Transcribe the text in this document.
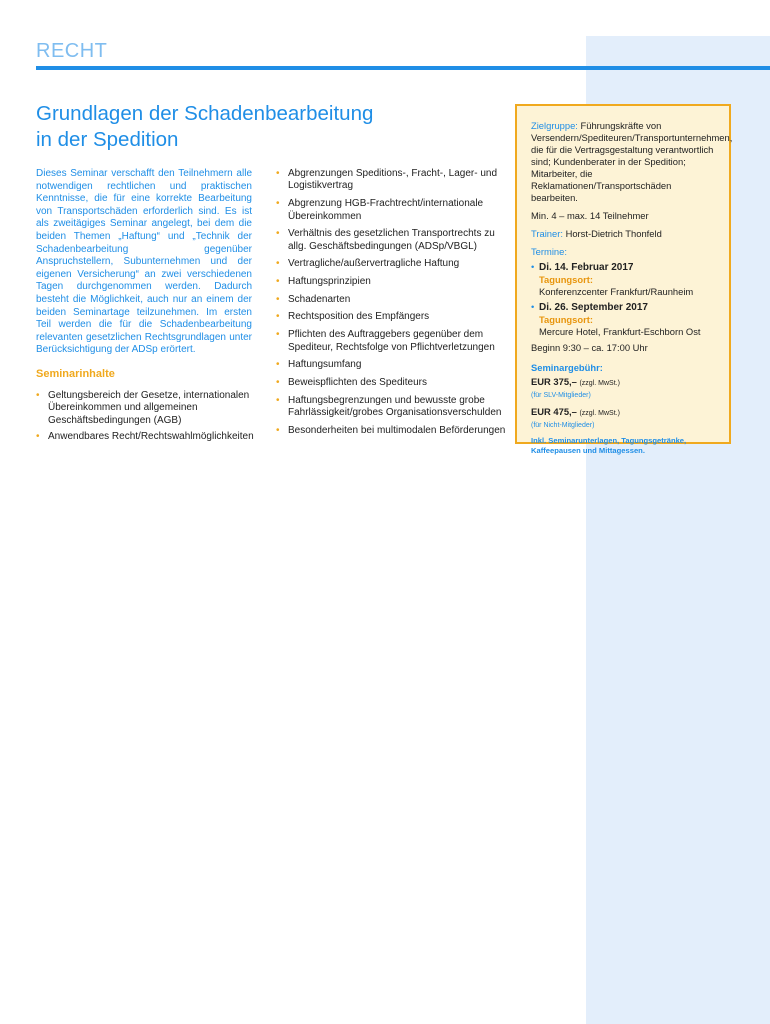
RECHT
Grundlagen der Schadenbearbeitung
in der Spedition
Dieses Seminar verschafft den Teilnehmern alle notwendigen rechtlichen und praktischen Kenntnisse, die für eine korrekte Bearbeitung von Transportschäden erforderlich sind. Es ist als zweitägiges Seminar angelegt, bei dem die beiden Themen „Haftung“ und „Technik der Schadenbearbeitung gegenüber Anspruchstellern, Subunternehmen und der eigenen Versicherung“ an zwei verschiedenen Tagen durchgenommen werden. Dadurch besteht die Möglichkeit, auch nur an einem der beiden Seminartage teilzunehmen. Im ersten Teil werden die für die Schadenbearbeitung relevanten gesetzlichen Rechtsgrundlagen unter Berücksichtigung der ADSp erörtert.
Seminarinhalte
• Geltungsbereich der Gesetze, internationalen Übereinkommen und allgemeinen Geschäftsbedingungen (AGB)
• Anwendbares Recht/Rechtswahlmöglichkeiten
• Abgrenzungen Speditions-, Fracht-, Lager- und Logistikvertrag
• Abgrenzung HGB-Frachtrecht/internationale Übereinkommen
• Verhältnis des gesetzlichen Transportrechts zu allg. Geschäftsbedingungen (ADSp/VBGL)
• Vertragliche/außervertragliche Haftung
• Haftungsprinzipien
• Schadenarten
• Rechtsposition des Empfängers
• Pflichten des Auftraggebers gegenüber dem Spediteur, Rechtsfolge von Pflichtverletzungen
• Haftungsumfang
• Beweispflichten des Spediteurs
• Haftungsbegrenzungen und bewusste grobe Fahrlässigkeit/grobes Organisationsverschulden
• Besonderheiten bei multimodalen Beförderungen

Zielgruppe: Führungskräfte von Versendern/Spediteuren/Transportunternehmen, die für die Vertragsgestaltung verantwortlich sind; Kundenberater in der Spedition; Mitarbeiter, die Reklamationen/Transportschäden bearbeiten.

Min. 4 – max. 14 Teilnehmer

Trainer: Horst-Dietrich Thonfeld

Termine:

• Di. 14. Februar 2017
Tagungsort:
Konferenzcenter Frankfurt/Raunheim
• Di. 26. September 2017
Tagungsort:
Mercure Hotel, Frankfurt-Eschborn Ost

Beginn 9:30 – ca. 17:00 Uhr

Seminargebühr:

EUR 375,– (zzgl. MwSt.)
(für SLV-Mitglieder)
EUR 475,– (zzgl. MwSt.)
(für Nicht-Mitglieder)
Inkl. Seminarunterlagen, Tagungsgetränke, Kaffeepausen und Mittagessen.
